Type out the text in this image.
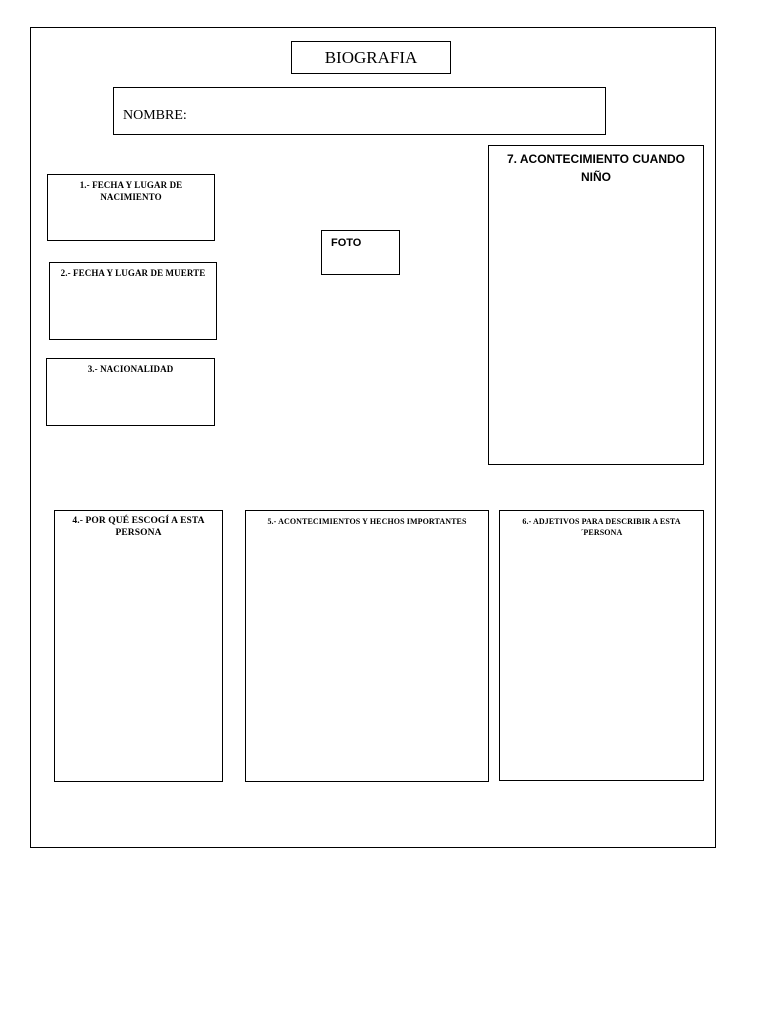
BIOGRAFIA
NOMBRE:
1.- FECHA Y LUGAR DE NACIMIENTO
2.- FECHA Y LUGAR DE MUERTE
3.- NACIONALIDAD
FOTO
7. ACONTECIMIENTO CUANDO NIÑO
4.- POR QUÉ ESCOGÍ A ESTA PERSONA
5.- ACONTECIMIENTOS Y HECHOS IMPORTANTES	6.- ADJETIVOS PARA DESCRIBIR A ESTA ´PERSONA
